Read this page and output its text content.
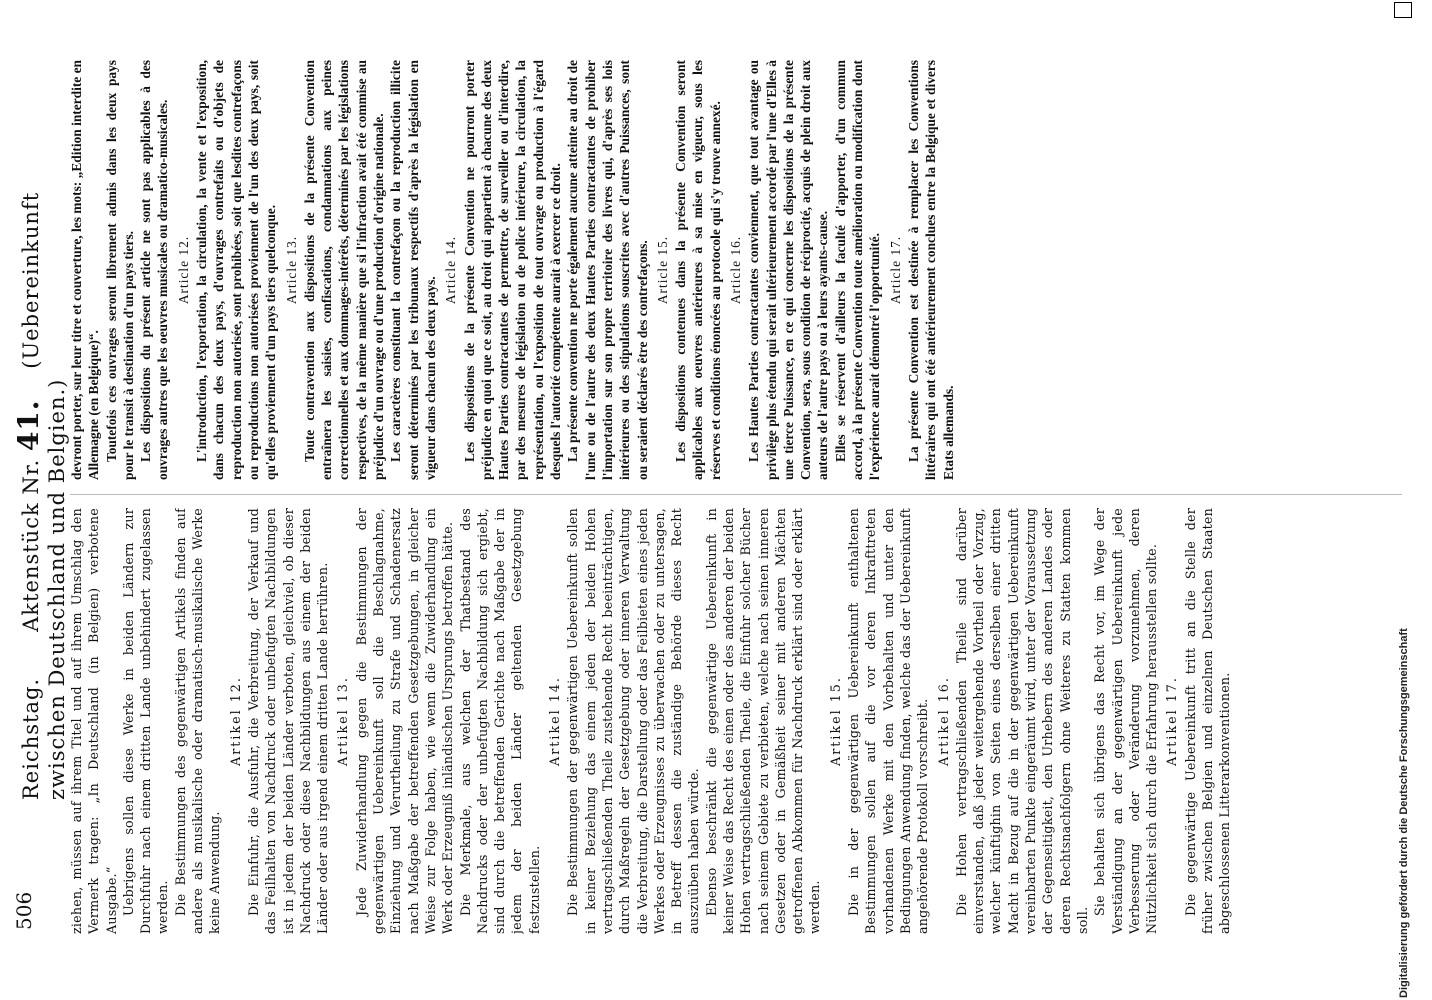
506
Reichstag.      Aktenstück Nr. 41.    (Uebereinkunft zwischen Deutschland und Belgien.) ziehen, müssen auf ihrem Titel und auf ihrem Umschlag den Vermerk tragen: „In Deutschland (in Belgien) verbotene Ausgabe.“ Uebrigens sollen diese Werke in beiden Ländern zur Durchfuhr nach einem dritten Lande unbehindert zugelassen werden. Die Bestimmungen des gegenwärtigen Artikels finden auf andere als musikalische oder dramatisch-musikalische Werke keine Anwendung.

Artikel 12. Die Einfuhr, die Ausfuhr, die Verbreitung, der Verkauf und das Feilhalten von Nachdruck oder unbefugten Nachbildungen ist in jedem der beiden Länder verboten, gleichviel, ob dieser Nachdruck oder diese Nachbildungen aus einem der beiden Länder oder aus irgend einem dritten Lande herrühren. Artikel 13. Jede Zuwiderhandlung gegen die Bestimmungen der gegenwärtigen Uebereinkunft soll die Beschlagnahme, Einziehung und Verurtheilung zu Strafe und Schadenersatz nach Maßgabe der betreffenden Gesetzgebungen, in gleicher Weise zur Folge haben, wie wenn die Zuwiderhandlung ein Werk oder Erzeugniß inländischen Ursprungs betroffen hätte. Die Merkmale, aus welchen der Thatbestand des Nachdrucks oder der unbefugten Nachbildung sich ergiebt, sind durch die betreffenden Gerichte nach Maßgabe der in jedem der beiden Länder geltenden Gesetzgebung festzustellen.

Artikel 14. Die Bestimmungen der gegenwärtigen Uebereinkunft sollen in keiner Beziehung das einem jeden der beiden Hohen vertragschließenden Theile zustehende Recht beeinträchtigen, durch Maßregeln der Gesetzgebung oder inneren Verwaltung die Verbreitung, die Darstellung oder das Feilbieten eines jeden Werkes oder Erzeugnisses zu überwachen oder zu untersagen, in Betreff dessen die zuständige Behörde dieses Recht auszuüben haben würde. Ebenso beschränkt die gegenwärtige Uebereinkunft in keiner Weise das Recht des einen oder des anderen der beiden Hohen vertragschließenden Theile, die Einfuhr solcher Bücher nach seinem Gebiete zu verbieten, welche nach seinen inneren Gesetzen oder in Gemäßheit seiner mit anderen Mächten getroffenen Abkommen für Nachdruck erklärt sind oder erklärt werden.

Artikel 15. Die in der gegenwärtigen Uebereinkunft enthaltenen Bestimmungen sollen auf die vor deren Inkrafttreten vorhandenen Werke mit den Vorbehalten und unter den Bedingungen Anwendung finden, welche das der Uebereinkunft angehörende Protokoll vorschreibt. Artikel 16. Die Hohen vertragschließenden Theile sind darüber einverstanden, daß jeder weitergehende Vortheil oder Vorzug, welcher künftighin von Seiten eines derselben einer dritten Macht in Bezug auf die in der gegenwärtigen Uebereinkunft vereinbarten Punkte eingeräumt wird, unter der Voraussetzung der Gegenseitigkeit, den Urhebern des anderen Landes oder deren Rechtsnachfolgern ohne Weiteres zu Statten kommen soll.

Sie behalten sich übrigens das Recht vor, im Wege der Verständigung an der gegenwärtigen Uebereinkunft jede Verbesserung oder Veränderung vorzunehmen, deren Nützlichkeit sich durch die Erfahrung herausstellen sollte. Artikel 17. Die gegenwärtige Uebereinkunft tritt an die Stelle der früher zwischen Belgien und einzelnen Deutschen Staaten abgeschlossenen Litterarkonventionen.

devront porter, sur leur titre et couverture, les mots: „Edition interdite en Allemagne (en Belgique)“. Toutefois ces ouvrages seront librement admis dans les deux pays pour le transit à destination d'un pays tiers. Les dispositions du présent article ne sont pas applicables à des ouvrages autres que les oeuvres musicales ou dramatico-musicales. Article 12. L'introduction, l'exportation, la circulation, la vente et l'exposition, dans chacun des deux pays, d'ouvrages contrefaits ou d'objets de reproduction non autorisée, sont prohibées, soit que lesdites contrefaçons ou reproductions non autorisées proviennent de l'un des deux pays, soit qu'elles proviennent d'un pays tiers quelconque. Article 13. Toute contravention aux dispositions de la présente Convention entraînera les saisies, confiscations, condamnations aux peines correctionnelles et aux dommages-intérêts, déterminés par les législations respectives, de la même manière que si l'infraction avait été commise au préjudice d'un ouvrage ou d'une production d'origine nationale. Les caractères constituant la contrefaçon ou la reproduction illicite seront déterminés par les tribunaux respectifs d'après la législation en vigueur dans chacun des deux pays.

Article 14. Les dispositions de la présente Convention ne pourront porter préjudice en quoi que ce soit, au droit qui appartient à chacune des deux Hautes Parties contractantes de permettre, de surveiller ou d'interdire, par des mesures de législation ou de police intérieure, la circulation, la représentation, ou l'exposition de tout ouvrage ou production à l'égard desquels l'autorité compétente aurait à exercer ce droit. La présente convention ne porte également aucune atteinte au droit de l'une ou de l'autre des deux Hautes Parties contractantes de prohiber l'importation sur son propre territoire des livres qui, d'après ses lois intérieures ou des stipulations souscrites avec d'autres Puissances, sont ou seraient déclarés être des contrefaçons. Article 15. Les dispositions contenues dans la présente Convention seront applicables aux oeuvres antérieures à sa mise en vigueur, sous les réserves et conditions énoncées au protocole qui s'y trouve annexé. Article 16. Les Hautes Parties contractantes conviennent, que tout avantage ou privilège plus étendu qui serait ultérieurement accordé par l'une d'Elles à une tierce Puissance, en ce qui concerne les dispositions de la présente Convention, sera, sous condition de réciprocité, acquis de plein droit aux auteurs de l'autre pays ou à leurs ayants-cause. Elles se réservent d'ailleurs la faculté d'apporter, d'un commun accord, à la présente Convention toute amélioration ou modification dont l'expérience aurait démontré l'opportunité. Article 17. La présente Convention est destinée à remplacer les Conventions littéraires qui ont été antérieurement conclues entre la Belgique et divers Etats allemands.

Digitalisierung gefördert durch die Deutsche Forschungsgemeinschaft
